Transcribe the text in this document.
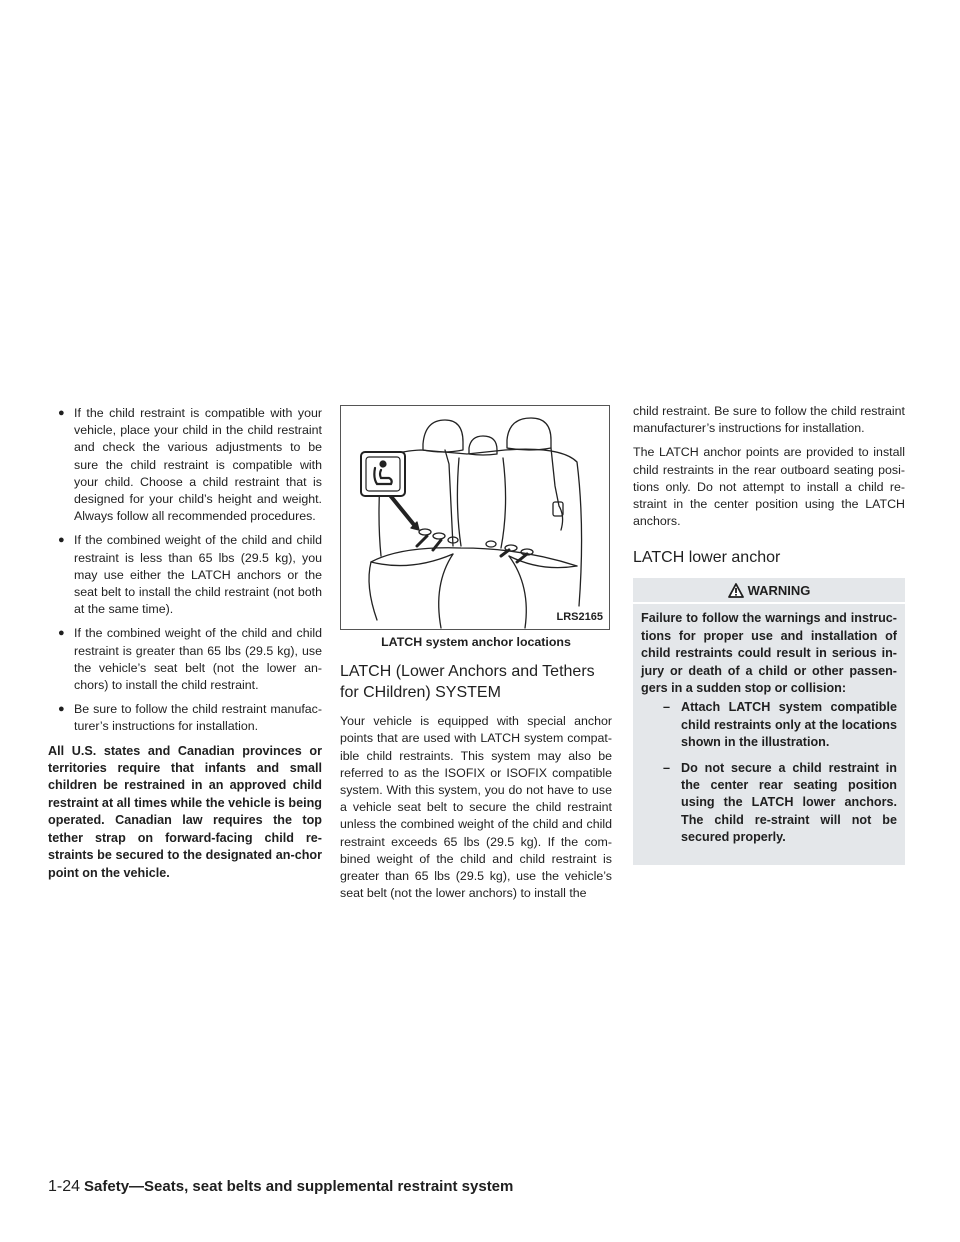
● If the child restraint is compatible with your vehicle, place your child in the child restraint and check the various adjustments to be sure the child restraint is compatible with your child. Choose a child restraint that is designed for your child’s height and weight. Always follow all recommended procedures.
● If the combined weight of the child and child restraint is less than 65 lbs (29.5 kg), you may use either the LATCH anchors or the seat belt to install the child restraint (not both at the same time).
● If the combined weight of the child and child restraint is greater than 65 lbs (29.5 kg), use the vehicle’s seat belt (not the lower an-chors) to install the child restraint.
● Be sure to follow the child restraint manufac-turer’s instructions for installation.
All U.S. states and Canadian provinces or territories require that infants and small children be restrained in an approved child restraint at all times while the vehicle is being operated. Canadian law requires the top tether strap on forward-facing child re-straints be secured to the designated an-chor point on the vehicle.
LRS2165
LATCH system anchor locations
LATCH (Lower Anchors and Tethers for CHildren) SYSTEM

Your vehicle is equipped with special anchor points that are used with LATCH system compat-ible child restraints. This system may also be referred to as the ISOFIX or ISOFIX compatible system. With this system, you do not have to use a vehicle seat belt to secure the child restraint unless the combined weight of the child and child restraint exceeds 65 lbs (29.5 kg). If the com-bined weight of the child and child restraint is greater than 65 lbs (29.5 kg), use the vehicle’s seat belt (not the lower anchors) to install the

child restraint. Be sure to follow the child restraint manufacturer’s instructions for installation.

The LATCH anchor points are provided to install child restraints in the rear outboard seating posi-tions only. Do not attempt to install a child re-straint in the center position using the LATCH anchors.

LATCH lower anchor
WARNING
Failure to follow the warnings and instruc-tions for proper use and installation of child restraints could result in serious in-jury or death of a child or other passen-gers in a sudden stop or collision:
– Attach LATCH system compatible child restraints only at the locations shown in the illustration.
– Do not secure a child restraint in the center rear seating position using the LATCH lower anchors. The child re-straint will not be secured properly.
1-24 Safety—Seats, seat belts and supplemental restraint system
